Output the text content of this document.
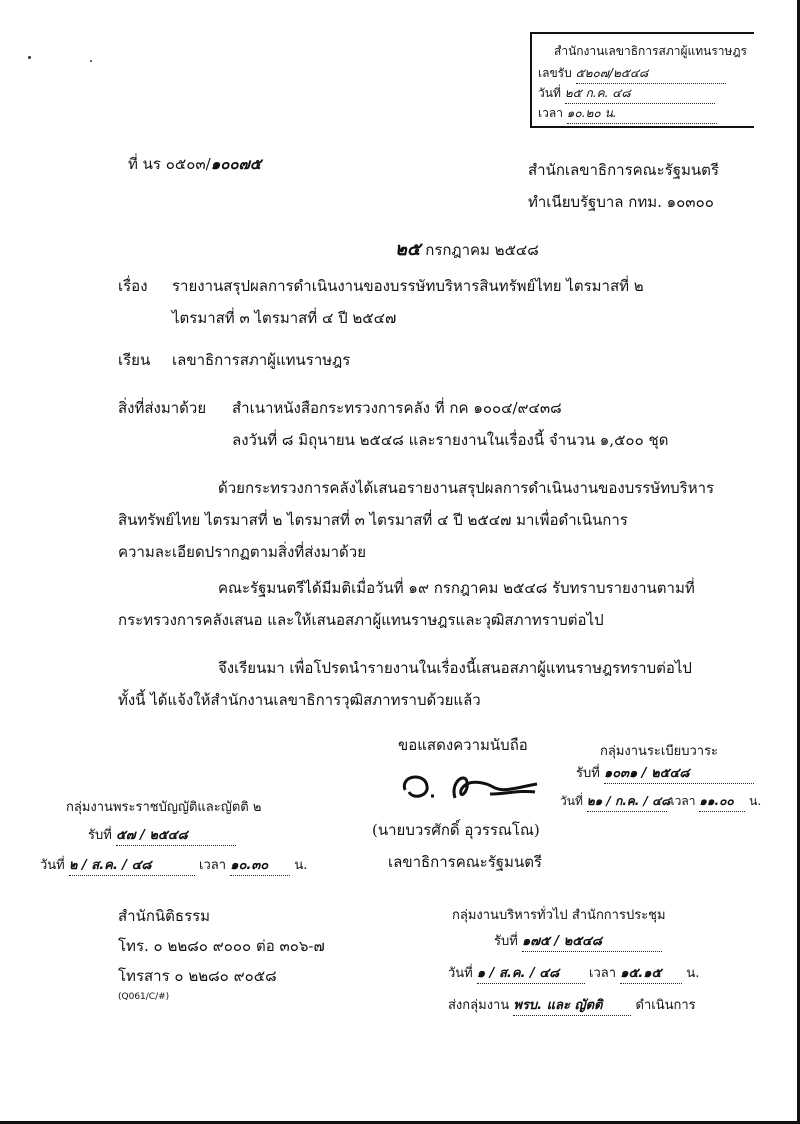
สำนักงานเลขาธิการสภาผู้แทนราษฎร
เลขรับ ๕๒๐๗/๒๕๔๘
วันที่ ๒๕ ก.ค. ๔๘
เวลา ๑๐.๒๐ น.
ที่ นร ๐๕๐๓/๑๐๐๗๕	สำนักเลขาธิการคณะรัฐมนตรี
ทำเนียบรัฐบาล กทม. ๑๐๓๐๐
๒๕ กรกฎาคม ๒๕๔๘
เรื่อง รายงานสรุปผลการดำเนินงานของบรรษัทบริหารสินทรัพย์ไทย ไตรมาสที่ ๒
ไตรมาสที่ ๓ ไตรมาสที่ ๔ ปี ๒๕๔๗
เรียน เลขาธิการสภาผู้แทนราษฎร
สิ่งที่ส่งมาด้วย สำเนาหนังสือกระทรวงการคลัง ที่ กค ๑๐๐๔/๙๔๓๘
ลงวันที่ ๘ มิถุนายน ๒๕๔๘ และรายงานในเรื่องนี้ จำนวน ๑,๕๐๐ ชุด
ด้วยกระทรวงการคลังได้เสนอรายงานสรุปผลการดำเนินงานของบรรษัทบริหาร
สินทรัพย์ไทย ไตรมาสที่ ๒ ไตรมาสที่ ๓ ไตรมาสที่ ๔ ปี ๒๕๔๗ มาเพื่อดำเนินการ
ความละเอียดปรากฏตามสิ่งที่ส่งมาด้วย
คณะรัฐมนตรีได้มีมติเมื่อวันที่ ๑๙ กรกฎาคม ๒๕๔๘ รับทราบรายงานตามที่
กระทรวงการคลังเสนอ และให้เสนอสภาผู้แทนราษฎรและวุฒิสภาทราบต่อไป
จึงเรียนมา เพื่อโปรดนำรายงานในเรื่องนี้เสนอสภาผู้แทนราษฎรทราบต่อไป
ทั้งนี้ ได้แจ้งให้สำนักงานเลขาธิการวุฒิสภาทราบด้วยแล้ว
ขอแสดงความนับถือ
(นายบวรศักดิ์ อุวรรณโณ)
เลขาธิการคณะรัฐมนตรี
กลุ่มงานระเบียบวาระ
รับที่ ๑๐๓๑ / ๒๕๔๘
วันที่ ๒๑ / ก.ค. / ๔๘ เวลา ๑๑.๐๐ น.
กลุ่มงานพระราชบัญญัติและญัตติ ๒
รับที่ ๕๗ / ๒๕๔๘
วันที่ ๒ / ส.ค. / ๔๘	เวลา ๑๐.๓๐ น.
สำนักนิติธรรม
โทร. ๐ ๒๒๘๐ ๙๐๐๐ ต่อ ๓๐๖-๗
โทรสาร ๐ ๒๒๘๐ ๙๐๕๘
(Q061/C/#)
กลุ่มงานบริหารทั่วไป สำนักการประชุม
รับที่ ๑๗๕ / ๒๕๔๘
วันที่ ๑ / ส.ค. / ๔๘ เวลา ๑๕.๑๕ น.
ส่งกลุ่มงาน พรบ. และ ญัตติ	ดำเนินการ
